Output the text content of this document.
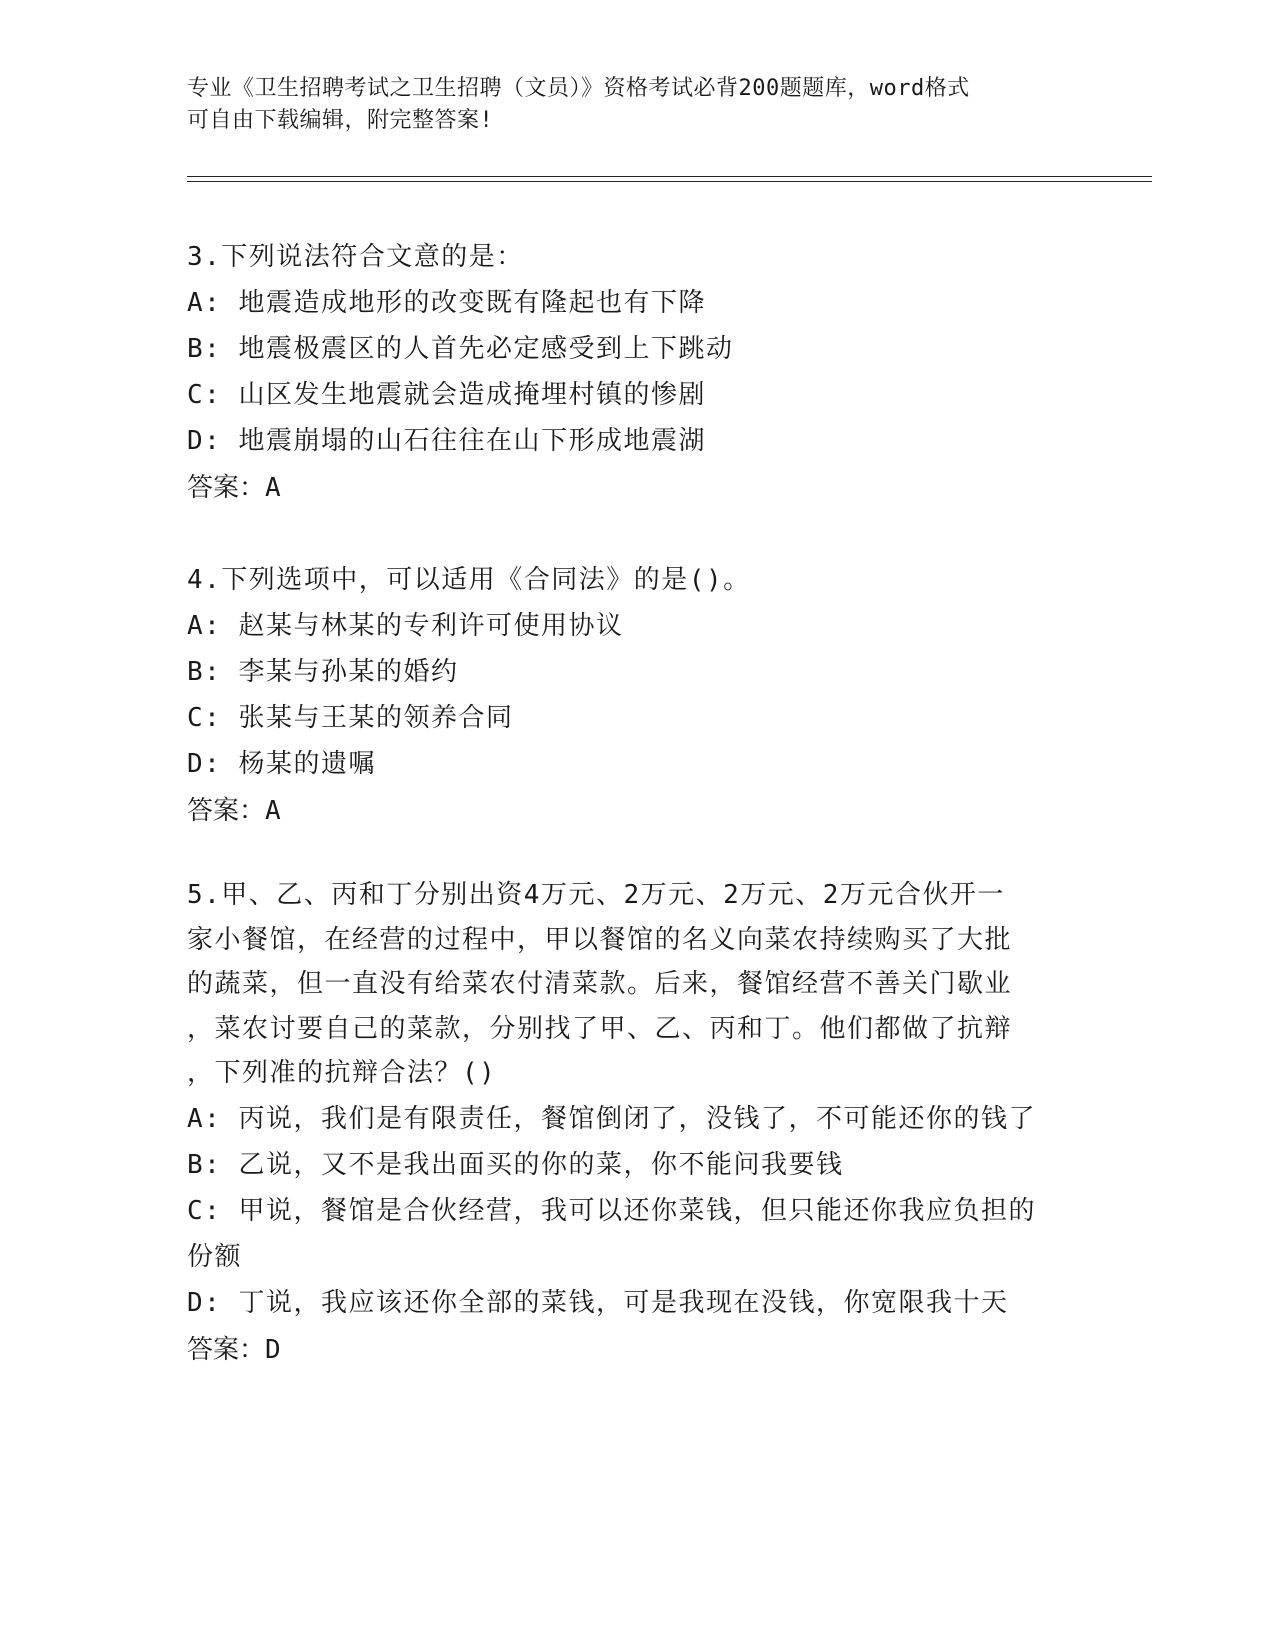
专业《卫生招聘考试之卫生招聘（文员）》资格考试必背200题题库，word格式
可自由下载编辑，附完整答案!

3.下列说法符合文意的是：

A: 地震造成地形的改变既有隆起也有下降

B: 地震极震区的人首先必定感受到上下跳动

C: 山区发生地震就会造成掩埋村镇的惨剧

D: 地震崩塌的山石往往在山下形成地震湖

答案：A

4.下列选项中，可以适用《合同法》的是()。

A: 赵某与林某的专利许可使用协议

B: 李某与孙某的婚约

C: 张某与王某的领养合同

D: 杨某的遗嘱

答案：A

5.甲、乙、丙和丁分别出资4万元、2万元、2万元、2万元合伙开一

家小餐馆，在经营的过程中，甲以餐馆的名义向菜农持续购买了大批

的蔬菜，但一直没有给菜农付清菜款。后来，餐馆经营不善关门歇业

，菜农讨要自己的菜款，分别找了甲、乙、丙和丁。他们都做了抗辩

，下列准的抗辩合法？()

A: 丙说，我们是有限责任，餐馆倒闭了，没钱了，不可能还你的钱了

B: 乙说，又不是我出面买的你的菜，你不能问我要钱

C: 甲说，餐馆是合伙经营，我可以还你菜钱，但只能还你我应负担的

份额

D: 丁说，我应该还你全部的菜钱，可是我现在没钱，你宽限我十天

答案：D
